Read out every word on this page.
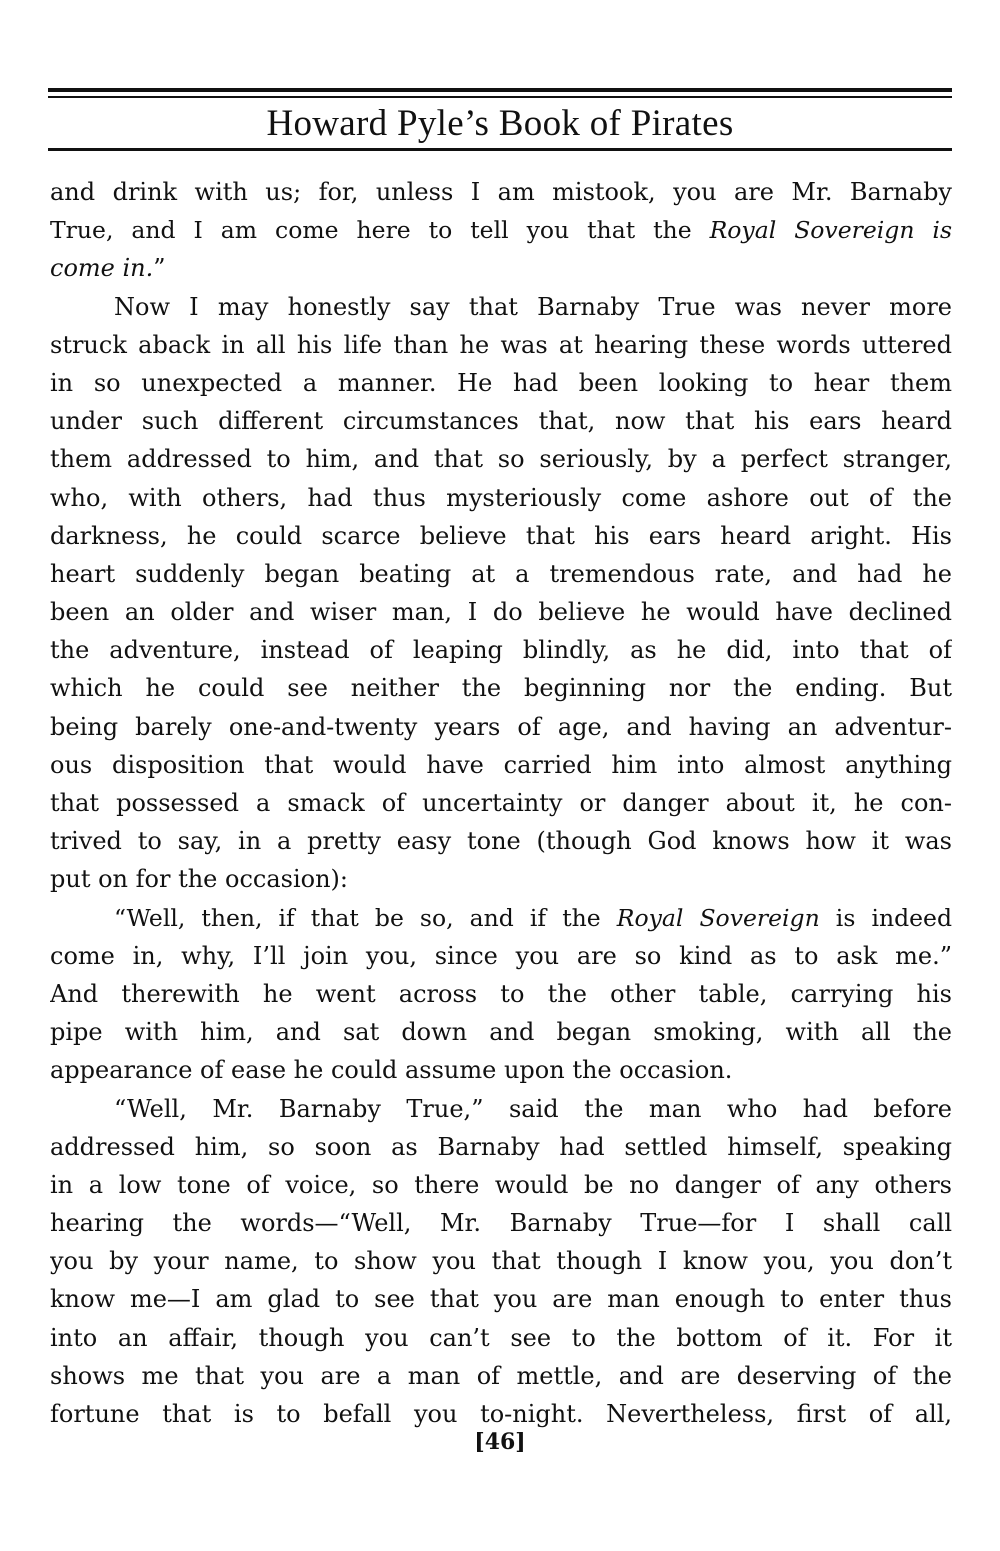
Howard Pyle’s Book of Pirates
and drink with us; for, unless I am mistook, you are Mr. Barnaby
True, and I am come here to tell you that the Royal Sovereign is
come in.”
Now I may honestly say that Barnaby True was never more
struck aback in all his life than he was at hearing these words uttered
in so unexpected a manner. He had been looking to hear them
under such different circumstances that, now that his ears heard
them addressed to him, and that so seriously, by a perfect stranger,
who, with others, had thus mysteriously come ashore out of the
darkness, he could scarce believe that his ears heard aright. His
heart suddenly began beating at a tremendous rate, and had he
been an older and wiser man, I do believe he would have declined
the adventure, instead of leaping blindly, as he did, into that of
which he could see neither the beginning nor the ending. But
being barely one-and-twenty years of age, and having an adventur-
ous disposition that would have carried him into almost anything
that possessed a smack of uncertainty or danger about it, he con-
trived to say, in a pretty easy tone (though God knows how it was
put on for the occasion):
“Well, then, if that be so, and if the Royal Sovereign is indeed
come in, why, I’ll join you, since you are so kind as to ask me.”
And therewith he went across to the other table, carrying his
pipe with him, and sat down and began smoking, with all the
appearance of ease he could assume upon the occasion.
“Well, Mr. Barnaby True,” said the man who had before
addressed him, so soon as Barnaby had settled himself, speaking
in a low tone of voice, so there would be no danger of any others
hearing the words—“Well, Mr. Barnaby True—for I shall call
you by your name, to show you that though I know you, you don’t
know me—I am glad to see that you are man enough to enter thus
into an affair, though you can’t see to the bottom of it. For it
shows me that you are a man of mettle, and are deserving of the
fortune that is to befall you to-night. Nevertheless, first of all,
[46]
